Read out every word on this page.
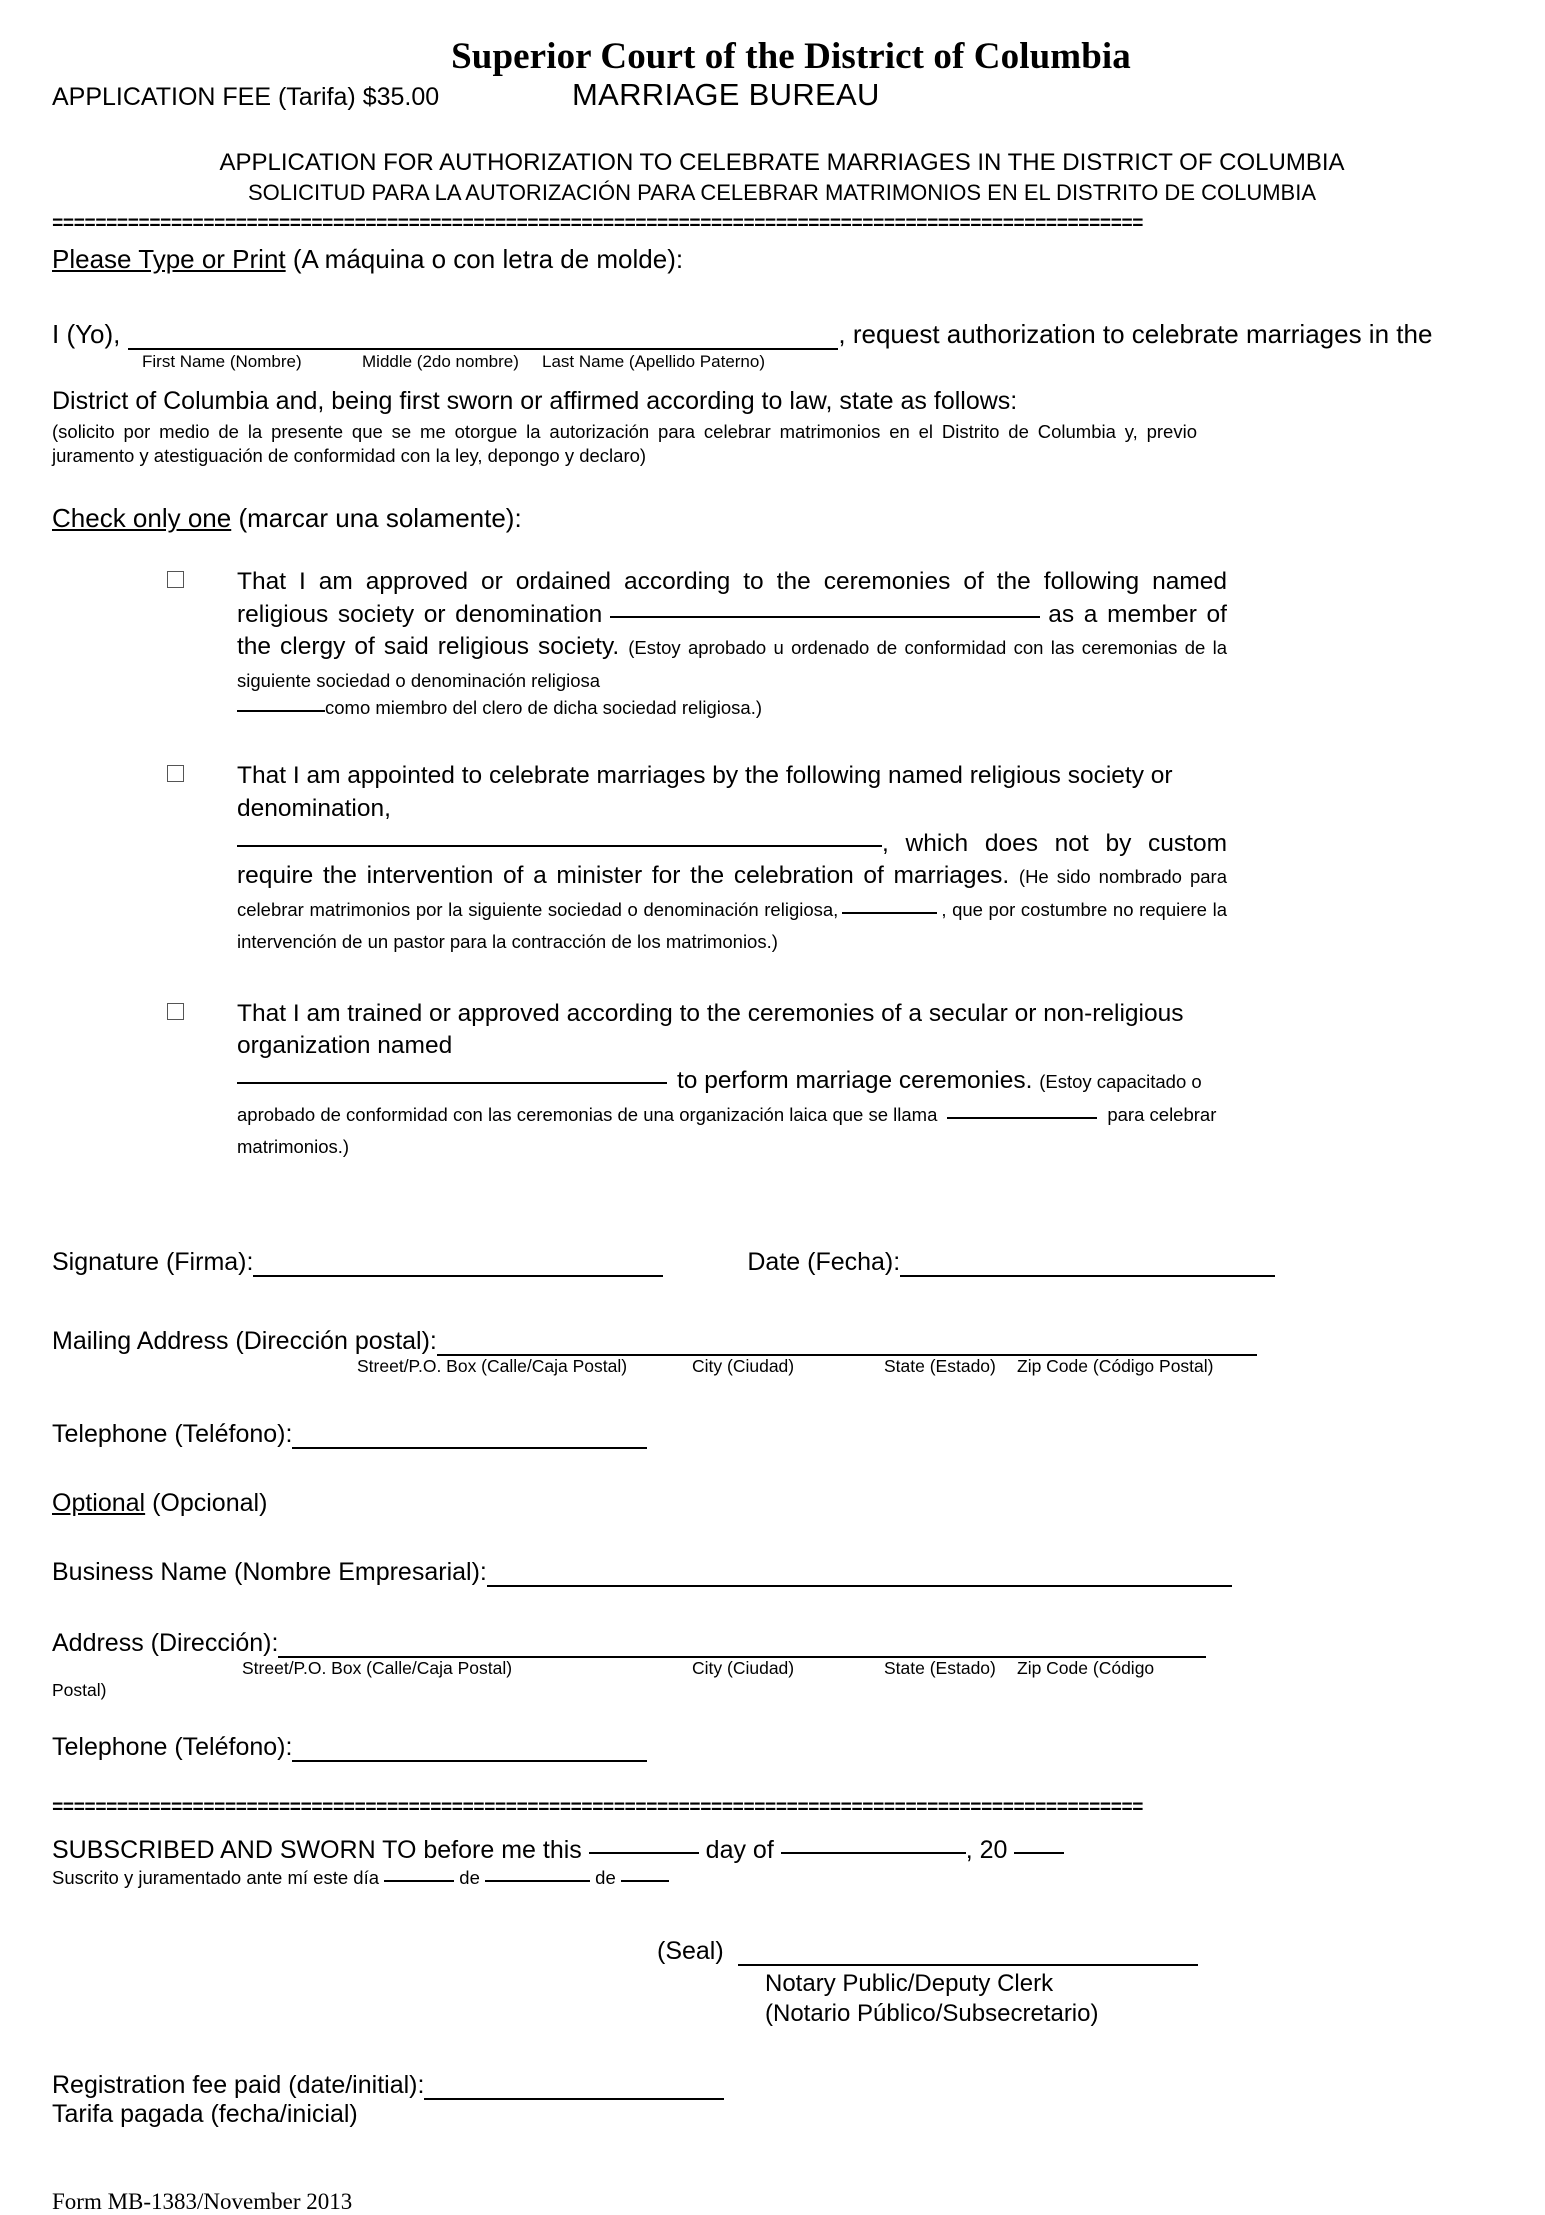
Superior Court of the District of Columbia
APPLICATION FEE (Tarifa) $35.00	MARRIAGE BUREAU
APPLICATION FOR AUTHORIZATION TO CELEBRATE MARRIAGES IN THE DISTRICT OF COLUMBIA
SOLICITUD PARA LA AUTORIZACIÓN PARA CELEBRAR MATRIMONIOS EN EL DISTRITO DE COLUMBIA
=====================================================================================================
Please Type or Print (A máquina o con letra de molde):
I (Yo),	, request authorization to celebrate marriages in the
First Name (Nombre)	Middle (2do nombre) Last Name (Apellido Paterno)
District of Columbia and, being first sworn or affirmed according to law, state as follows:
(solicito por medio de la presente que se me otorgue la autorización para celebrar matrimonios en el Distrito de Columbia y, previo juramento y atestiguación de conformidad con la ley, depongo y declaro)
Check only one (marcar una solamente):
That I am approved or ordained according to the ceremonies of the following named religious society or denomination	as a member of the clergy of said religious society. (Estoy aprobado u ordenado de conformidad con las ceremonias de la siguiente sociedad o denominación religiosa
como miembro del clero de dicha sociedad religiosa.)
That I am appointed to celebrate marriages by the following named religious society or denomination,
, which does not by custom require the intervention of a minister for the celebration of marriages. (He sido nombrado para celebrar matrimonios por la siguiente sociedad o denominación religiosa,	, que por costumbre no requiere la intervención de un pastor para la contracción de los matrimonios.)
That I am trained or approved according to the ceremonies of a secular or non-religious organization named
to perform marriage ceremonies. (Estoy capacitado o aprobado de conformidad con las ceremonias de una organización laica que se llama	para celebrar matrimonios.)
Signature (Firma):	Date (Fecha):
Mailing Address (Dirección postal):
Street/P.O. Box (Calle/Caja Postal)	City (Ciudad)	State (Estado) Zip Code (Código Postal)
Telephone (Teléfono):
Optional (Opcional)
Business Name (Nombre Empresarial):
Address (Dirección):
Street/P.O. Box (Calle/Caja Postal)	City (Ciudad)	State (Estado) Zip Code (Código
Postal)
Telephone (Teléfono):
=====================================================================================================
SUBSCRIBED AND SWORN TO before me this	day of	, 20
Suscrito y juramentado ante mí este día	de	de
(Seal)
Notary Public/Deputy Clerk
(Notario Público/Subsecretario)
Registration fee paid (date/initial):
Tarifa pagada (fecha/inicial)
Form MB-1383/November 2013
